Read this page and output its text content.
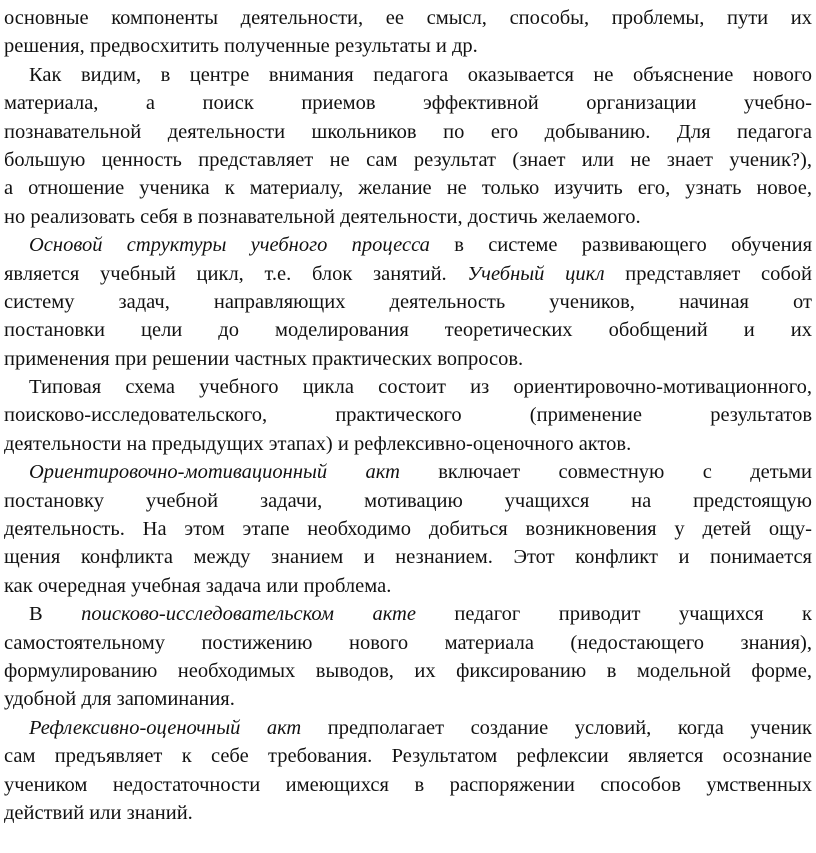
основные компоненты деятельности, ее смысл, способы, проблемы, пути их
решения, предвосхитить полученные результаты и др.
Как видим, в центре внимания педагога оказывается не объяснение нового
материала, а поиск приемов эффективной организации учебно-
познавательной деятельности школьников по его добыванию. Для педагога
большую ценность представляет не сам результат (знает или не знает ученик?),
а отношение ученика к материалу, желание не только изучить его, узнать новое,
но реализовать себя в познавательной деятельности, достичь желаемого.
Основой структуры учебного процесса в системе развивающего обучения
является учебный цикл, т.е. блок занятий. Учебный цикл представляет собой
систему задач, направляющих деятельность учеников, начиная от
постановки цели до моделирования теоретических обобщений и их
применения при решении частных практических вопросов.
Типовая схема учебного цикла состоит из ориентировочно-мотивационного,
поисково-исследовательского, практического (применение результатов
деятельности на предыдущих этапах) и рефлексивно-оценочного актов.
Ориентировочно-мотивационный акт включает совместную с детьми
постановку учебной задачи, мотивацию учащихся на предстоящую
деятельность. На этом этапе необходимо добиться возникновения у детей ощу-
щения конфликта между знанием и незнанием. Этот конфликт и понимается
как очередная учебная задача или проблема.
В поисково-исследовательском акте педагог приводит учащихся к
самостоятельному постижению нового материала (недостающего знания),
формулированию необходимых выводов, их фиксированию в модельной форме,
удобной для запоминания.
Рефлексивно-оценочный акт предполагает создание условий, когда ученик
сам предъявляет к себе требования. Результатом рефлексии является осознание
учеником недостаточности имеющихся в распоряжении способов умственных
действий или знаний.
